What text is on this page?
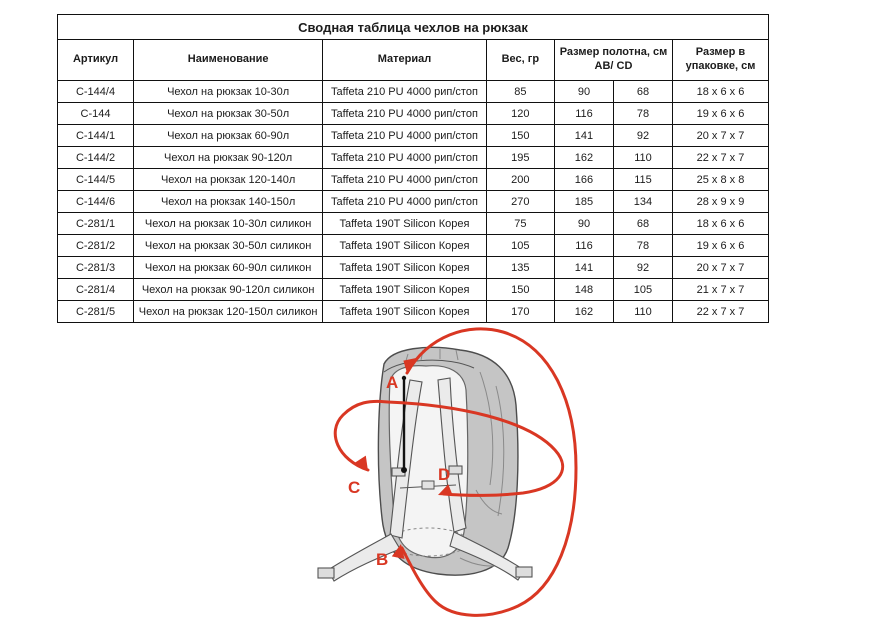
Сводная таблица чехлов на рюкзак						
Артикул	Наименование	Материал	Вес, гр	Размер полотна, см АВ/ CD		Размер в упаковке, см
С-144/4	Чехол на рюкзак 10-30л	Taffeta 210 PU 4000 рип/стоп	85	90	68	18 x 6 x 6
С-144	Чехол на рюкзак 30-50л	Taffeta 210 PU 4000 рип/стоп	120	116	78	19 x 6 x 6
С-144/1	Чехол на рюкзак 60-90л	Taffeta 210 PU 4000 рип/стоп	150	141	92	20 x 7 x 7
С-144/2	Чехол на рюкзак 90-120л	Taffeta 210 PU 4000 рип/стоп	195	162	110	22 x 7 x 7
С-144/5	Чехол на рюкзак 120-140л	Taffeta 210 PU 4000 рип/стоп	200	166	115	25 x 8 x 8
С-144/6	Чехол на рюкзак 140-150л	Taffeta 210 PU 4000 рип/стоп	270	185	134	28 x 9 x 9
С-281/1	Чехол на рюкзак 10-30л силикон	Taffeta 190T Silicon Корея	75	90	68	18 x 6 x 6
С-281/2	Чехол на рюкзак 30-50л силикон	Taffeta 190T Silicon Корея	105	116	78	19 x 6 x 6
С-281/3	Чехол на рюкзак 60-90л силикон	Taffeta 190T Silicon Корея	135	141	92	20 x 7 x 7
С-281/4	Чехол на рюкзак 90-120л силикон	Taffeta 190T Silicon Корея	150	148	105	21 x 7 x 7
С-281/5	Чехол на рюкзак 120-150л силикон	Taffeta 190T Silicon Корея	170	162	110	22 x 7 x 7
A
B
C
D
